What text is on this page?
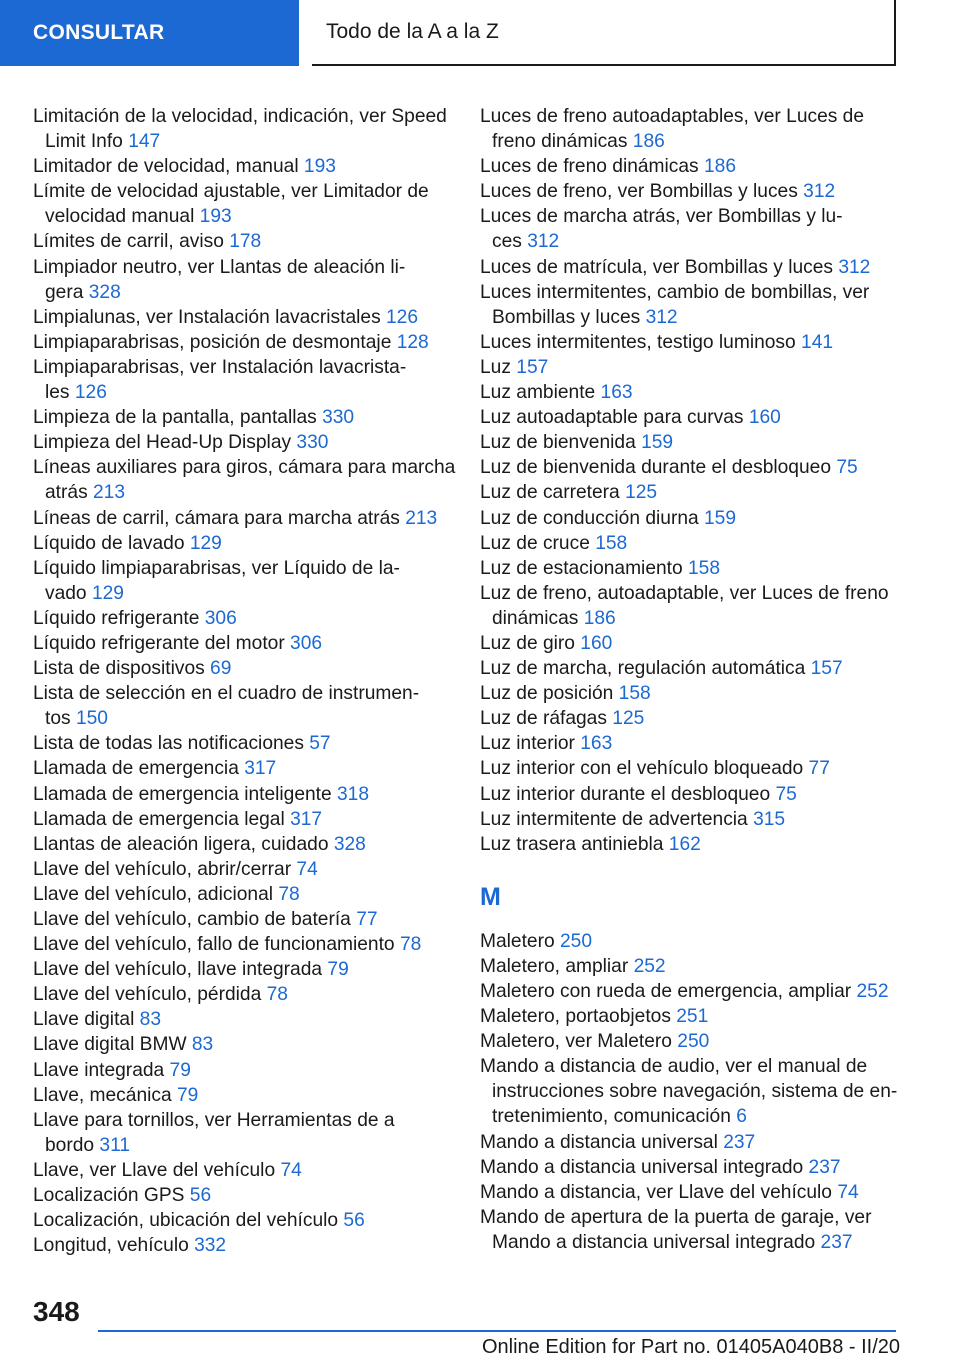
CONSULTAR	Todo de la A a la Z
Limitación de la velocidad, indicación, ver Speed
Limit Info 147
Limitador de velocidad, manual 193
Límite de velocidad ajustable, ver Limitador de
velocidad manual 193
Límites de carril, aviso 178
Limpiador neutro, ver Llantas de aleación li-
gera 328
Limpialunas, ver Instalación lavacristales 126
Limpiaparabrisas, posición de desmontaje 128
Limpiaparabrisas, ver Instalación lavacrista-
les 126
Limpieza de la pantalla, pantallas 330
Limpieza del Head-Up Display 330
Líneas auxiliares para giros, cámara para marcha
atrás 213
Líneas de carril, cámara para marcha atrás 213
Líquido de lavado 129
Líquido limpiaparabrisas, ver Líquido de la-
vado 129
Líquido refrigerante 306
Líquido refrigerante del motor 306
Lista de dispositivos 69
Lista de selección en el cuadro de instrumen-
tos 150
Lista de todas las notificaciones 57
Llamada de emergencia 317
Llamada de emergencia inteligente 318
Llamada de emergencia legal 317
Llantas de aleación ligera, cuidado 328
Llave del vehículo, abrir/cerrar 74
Llave del vehículo, adicional 78
Llave del vehículo, cambio de batería 77
Llave del vehículo, fallo de funcionamiento 78
Llave del vehículo, llave integrada 79
Llave del vehículo, pérdida 78
Llave digital 83
Llave digital BMW 83
Llave integrada 79
Llave, mecánica 79
Llave para tornillos, ver Herramientas de a
bordo 311
Llave, ver Llave del vehículo 74
Localización GPS 56
Localización, ubicación del vehículo 56
Longitud, vehículo 332
Luces de freno autoadaptables, ver Luces de
freno dinámicas 186
Luces de freno dinámicas 186
Luces de freno, ver Bombillas y luces 312
Luces de marcha atrás, ver Bombillas y lu-
ces 312
Luces de matrícula, ver Bombillas y luces 312
Luces intermitentes, cambio de bombillas, ver
Bombillas y luces 312
Luces intermitentes, testigo luminoso 141
Luz 157
Luz ambiente 163
Luz autoadaptable para curvas 160
Luz de bienvenida 159
Luz de bienvenida durante el desbloqueo 75
Luz de carretera 125
Luz de conducción diurna 159
Luz de cruce 158
Luz de estacionamiento 158
Luz de freno, autoadaptable, ver Luces de freno
dinámicas 186
Luz de giro 160
Luz de marcha, regulación automática 157
Luz de posición 158
Luz de ráfagas 125
Luz interior 163
Luz interior con el vehículo bloqueado 77
Luz interior durante el desbloqueo 75
Luz intermitente de advertencia 315
Luz trasera antiniebla 162
M
Maletero 250
Maletero, ampliar 252
Maletero con rueda de emergencia, ampliar 252
Maletero, portaobjetos 251
Maletero, ver Maletero 250
Mando a distancia de audio, ver el manual de
instrucciones sobre navegación, sistema de en-
tretenimiento, comunicación 6
Mando a distancia universal 237
Mando a distancia universal integrado 237
Mando a distancia, ver Llave del vehículo 74
Mando de apertura de la puerta de garaje, ver
Mando a distancia universal integrado 237
348
Online Edition for Part no. 01405A040B8 - II/20
